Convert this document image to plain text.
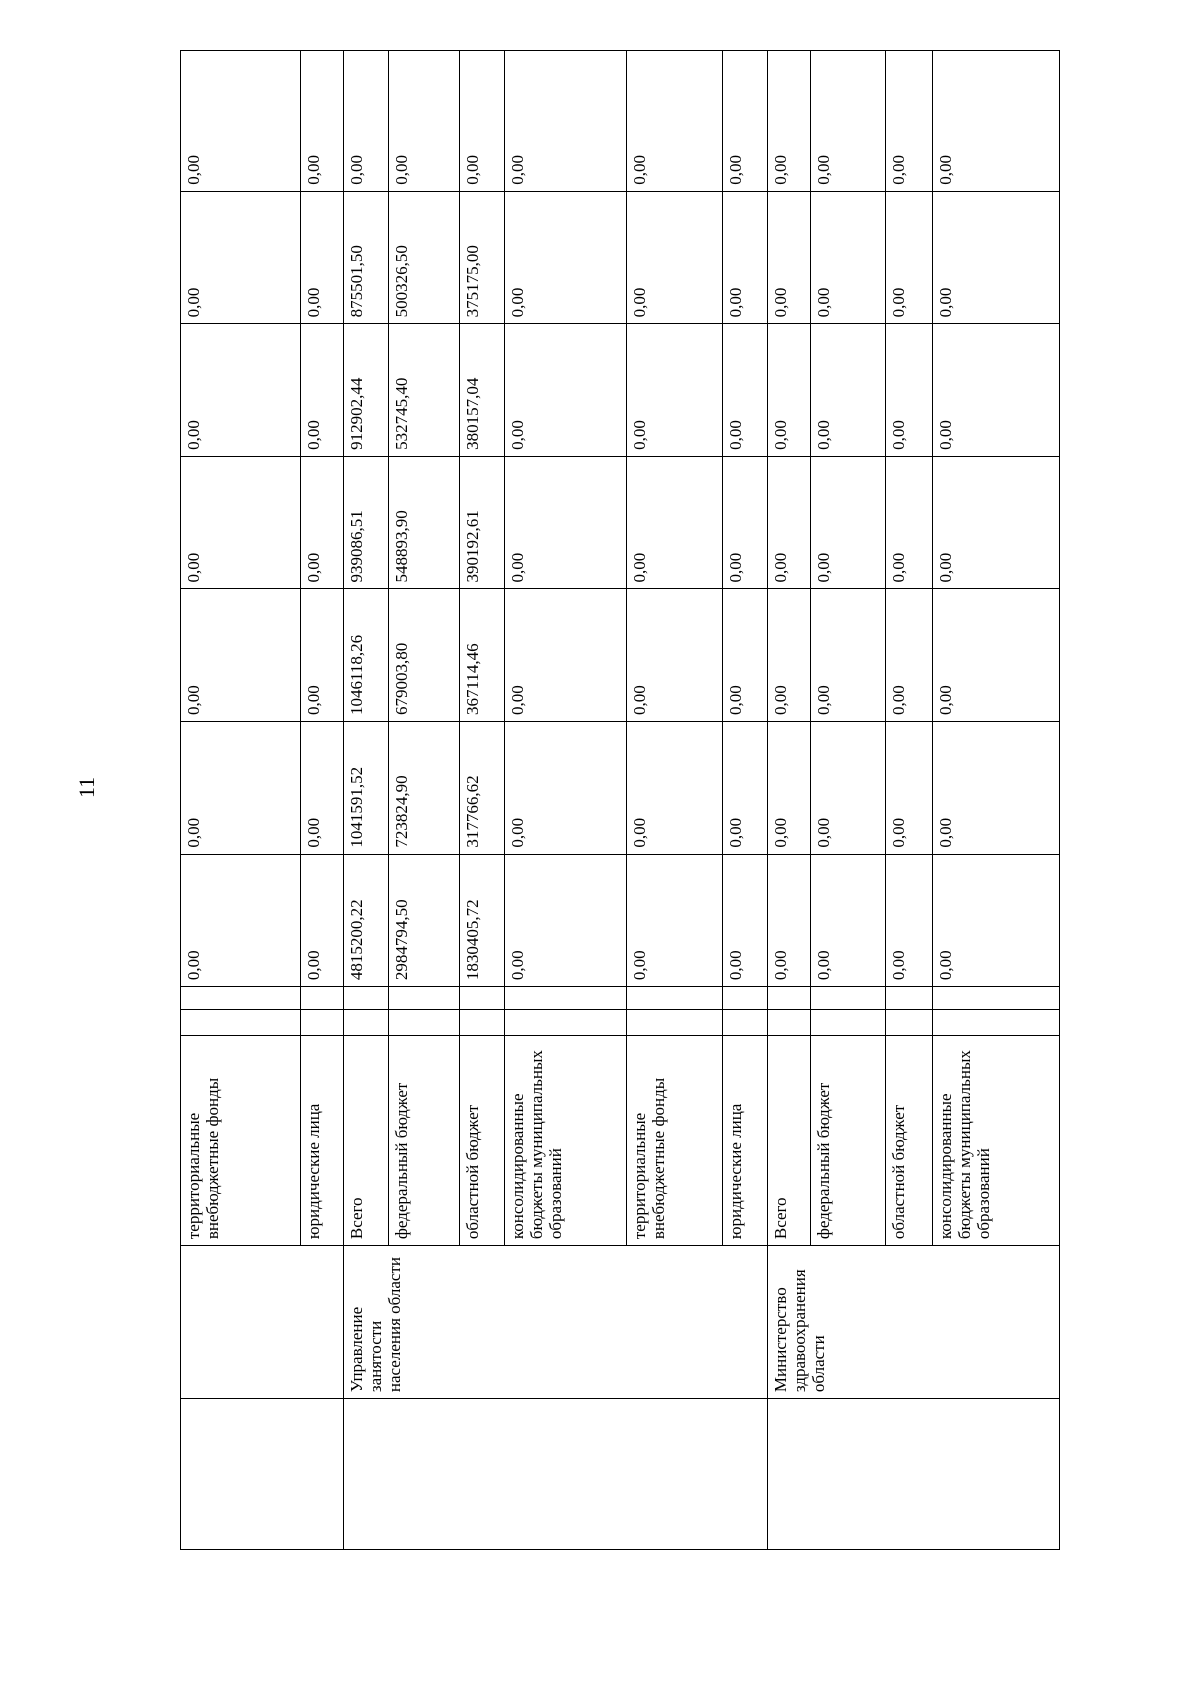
11
		территориальные внебюджетные фонды			0,00	0,00	0,00	0,00	0,00	0,00	0,00
		юридические лица			0,00	0,00	0,00	0,00	0,00	0,00	0,00
	Управление занятости населения области	Всего			4815200,22	1041591,52	1046118,26	939086,51	912902,44	875501,50	0,00
		федеральный бюджет			2984794,50	723824,90	679003,80	548893,90	532745,40	500326,50	0,00
		областной бюджет			1830405,72	317766,62	367114,46	390192,61	380157,04	375175,00	0,00
		консолидированные бюджеты муниципальных образований			0,00	0,00	0,00	0,00	0,00	0,00	0,00
		территориальные внебюджетные фонды			0,00	0,00	0,00	0,00	0,00	0,00	0,00
		юридические лица			0,00	0,00	0,00	0,00	0,00	0,00	0,00
	Министерство здравоохранения области	Всего			0,00	0,00	0,00	0,00	0,00	0,00	0,00
		федеральный бюджет			0,00	0,00	0,00	0,00	0,00	0,00	0,00
		областной бюджет			0,00	0,00	0,00	0,00	0,00	0,00	0,00
		консолидированные бюджеты муниципальных образований			0,00	0,00	0,00	0,00	0,00	0,00	0,00
